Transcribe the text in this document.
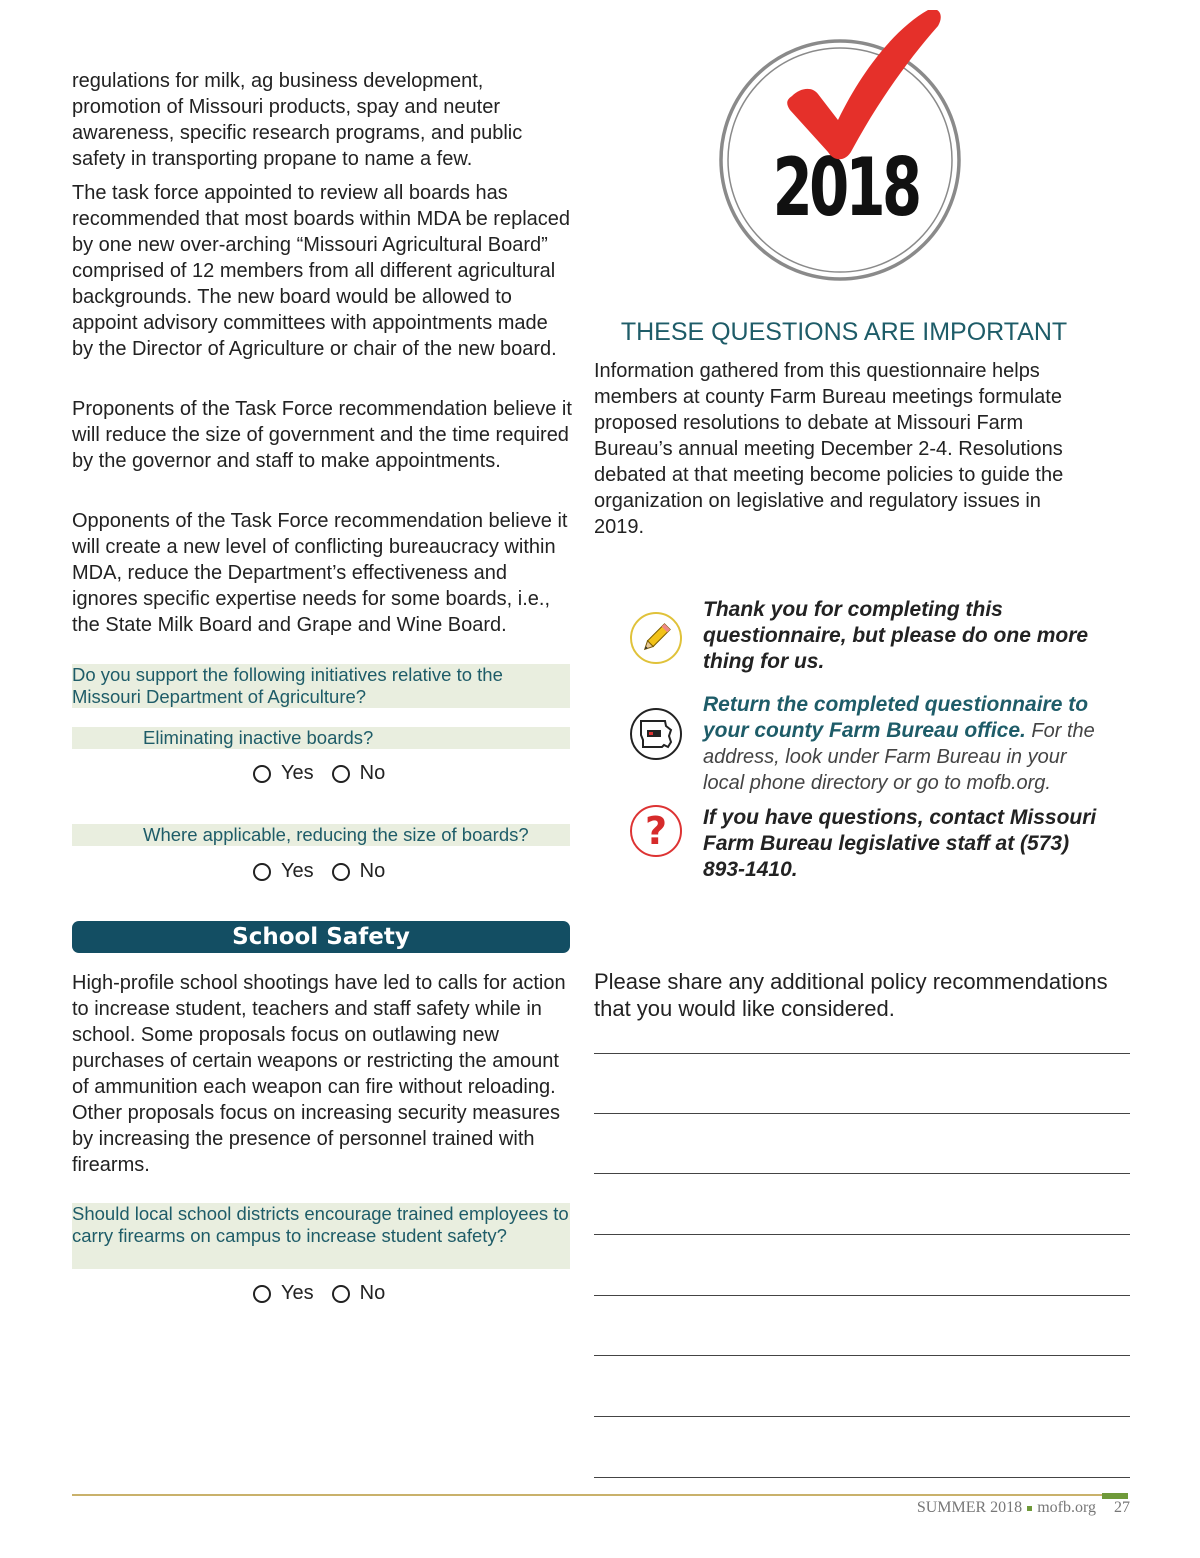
regulations for milk, ag business development, promotion of Missouri products, spay and neuter awareness, specific research programs, and public safety in transporting propane to name a few.

The task force appointed to review all boards has recommended that most boards within MDA be replaced by one new over-arching “Missouri Agricultural Board” comprised of 12 members from all different agricultural backgrounds. The new board would be allowed to appoint advisory committees with appointments made by the Director of Agriculture or chair of the new board.

Proponents of the Task Force recommendation believe it will reduce the size of government and the time required by the governor and staff to make appointments.

Opponents of the Task Force recommendation believe it will create a new level of conflicting bureaucracy within MDA, reduce the Department’s effectiveness and ignores specific expertise needs for some boards, i.e., the State Milk Board and Grape and Wine Board.

Do you support the following initiatives relative to the Missouri Department of Agriculture?
Eliminating inactive boards?
Yes No
Where applicable, reducing the size of boards?
Yes No
School Safety

High-profile school shootings have led to calls for action to increase student, teachers and staff safety while in school. Some proposals focus on outlawing new purchases of certain weapons or restricting the amount of ammunition each weapon can fire without reloading. Other proposals focus on increasing security measures by increasing the presence of personnel trained with firearms.

Should local school districts encourage trained employees to carry firearms on campus to increase student safety?
Yes No
2018
THESE QUESTIONS ARE IMPORTANT

Information gathered from this questionnaire helps members at county Farm Bureau meetings formulate proposed resolutions to debate at Missouri Farm Bureau’s annual meeting December 2-4. Resolutions debated at that meeting become policies to guide the organization on legislative and regulatory issues in 2019.

Thank you for completing this questionnaire, but please do one more thing for us.
Return the completed questionnaire to your county Farm Bureau office. For the address, look under Farm Bureau in your local phone directory or go to mofb.org.
? If you have questions, contact Missouri Farm Bureau legislative staff at (573) 893-1410.

Please share any additional policy recommendations that you would like considered.

SUMMER 2018 mofb.org 27
